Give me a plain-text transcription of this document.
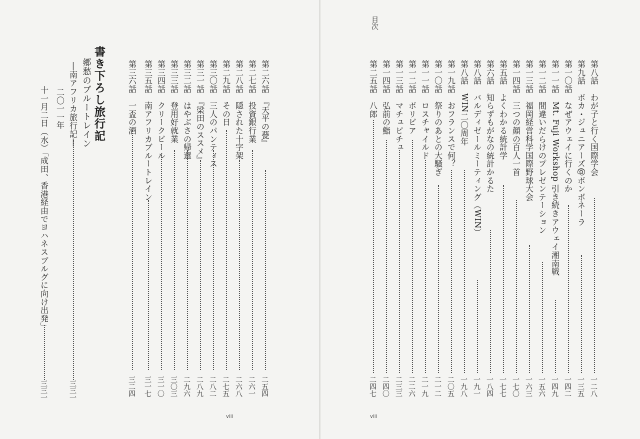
第二六話　『天平の甍』
二五四
第二七話　投資銀行業
二六一
第二八話　隠された十字架
二六八
第二九話　その日
二七五
第三〇話　三人のパンティス
二八二
第三一話　『梁田のススメ』
二八九
第三二話　はやぶさの帰還
二九六
第三三話　登用好就業
三〇三
第三四話　クリークビール
三一〇
第三五話　南アフリカブルートレイン
三一七
第三六話　一盃の酒
三二四
書き下ろし旅行記
郷愁のブルートレイン
―南アフリカ旅行記―
三三一
二〇一一年
十一月二日（水）「成田、香港経由でヨハネスブルグに向け出発」
三三一
viii
目次
第八話　わが子と行く国際学会
一二八
第九話　ボカ・ジュニアーズ@ボンボネーラ
一三五
第一〇話　なぜアウェイに行くのか
一四二
第一一話　Mt. Fuji Workshop 引き続きアウェイ湘南戦
一四九
第一二話　間違いだらけのプレゼンテーション
一五六
第一三話　福岡経営科学国際野球大会
一六三
第一四話　三つの顔の百人一首
一七〇
第五話　よくわかる統計学
一七七
第六話　知らずもがなの統計かるた
一八四
第八話　バルディゼールミーティング（WIN）
一九一
第八話　WIN二〇周年
一九八
第一九話　おフランスで何？
二〇五
第一〇話　祭りのあとの大騒ぎ
二一二
第一一話　ロスチャイルド
二一九
第一二話　ボリビア
二二六
第一三話　マチュピチュ
二三三
第一四話　弘前の鮨
二四〇
第二五話　八郎
二四七
viii
